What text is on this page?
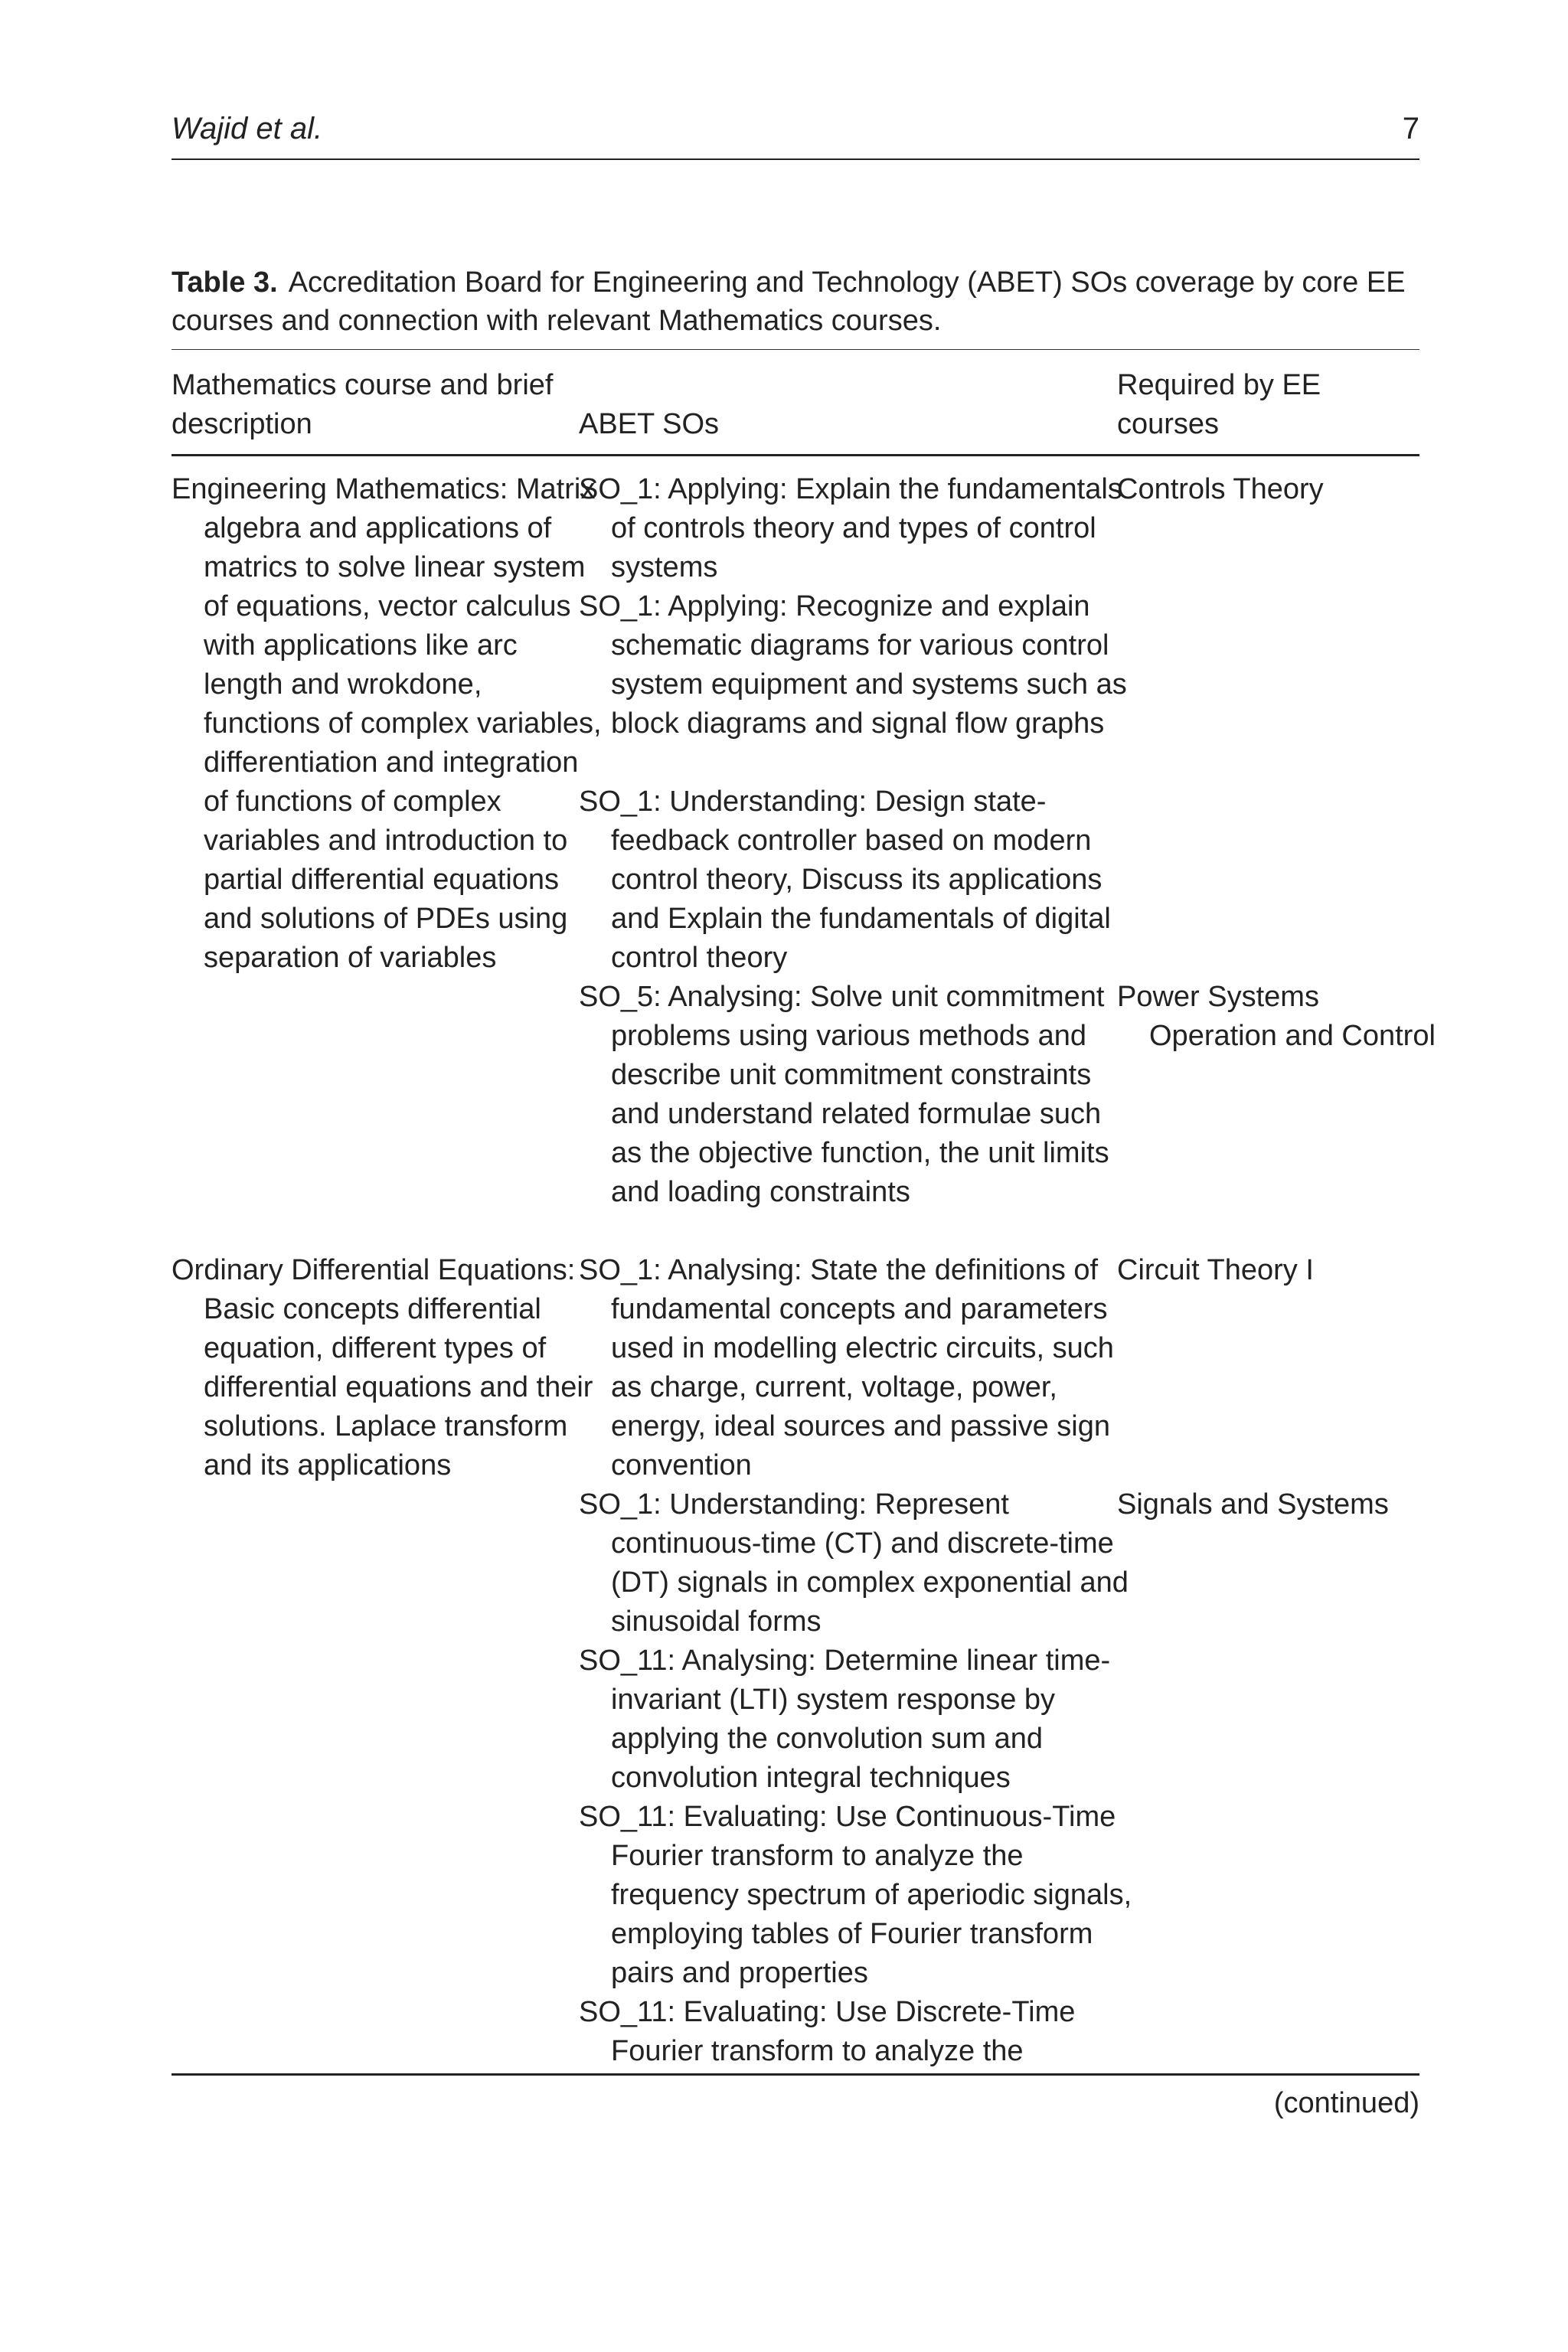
Wajid et al.	7
Table 3. Accreditation Board for Engineering and Technology (ABET) SOs coverage by core EE courses and connection with relevant Mathematics courses.
Mathematics course and brief description	ABET SOs
Required by EE courses
Engineering Mathematics: Matrix algebra and applications of matrics to solve linear system of equations, vector calculus with applications like arc length and wrokdone, functions of complex variables, differentiation and integration of functions of complex variables and introduction to partial differential equations and solutions of PDEs using separation of variables
Ordinary Differential Equations: Basic concepts differential equation, different types of differential equations and their solutions. Laplace transform and its applications
SO_1: Applying: Explain the fundamentals of controls theory and types of control systems
SO_1: Applying: Recognize and explain schematic diagrams for various control system equipment and systems such as block diagrams and signal flow graphs
SO_1: Understanding: Design state-feedback controller based on modern control theory, Discuss its applications and Explain the fundamentals of digital control theory
SO_5: Analysing: Solve unit commitment problems using various methods and describe unit commitment constraints and understand related formulae such as the objective function, the unit limits and loading constraints
SO_1: Analysing: State the definitions of fundamental concepts and parameters used in modelling electric circuits, such as charge, current, voltage, power, energy, ideal sources and passive sign convention
SO_1: Understanding: Represent continuous-time (CT) and discrete-time (DT) signals in complex exponential and sinusoidal forms
SO_11: Analysing: Determine linear time-invariant (LTI) system response by applying the convolution sum and convolution integral techniques
SO_11: Evaluating: Use Continuous-Time Fourier transform to analyze the frequency spectrum of aperiodic signals, employing tables of Fourier transform pairs and properties
SO_11: Evaluating: Use Discrete-Time Fourier transform to analyze the
Controls Theory
Power Systems Operation and Control
Circuit Theory I
Signals and Systems
(continued)
